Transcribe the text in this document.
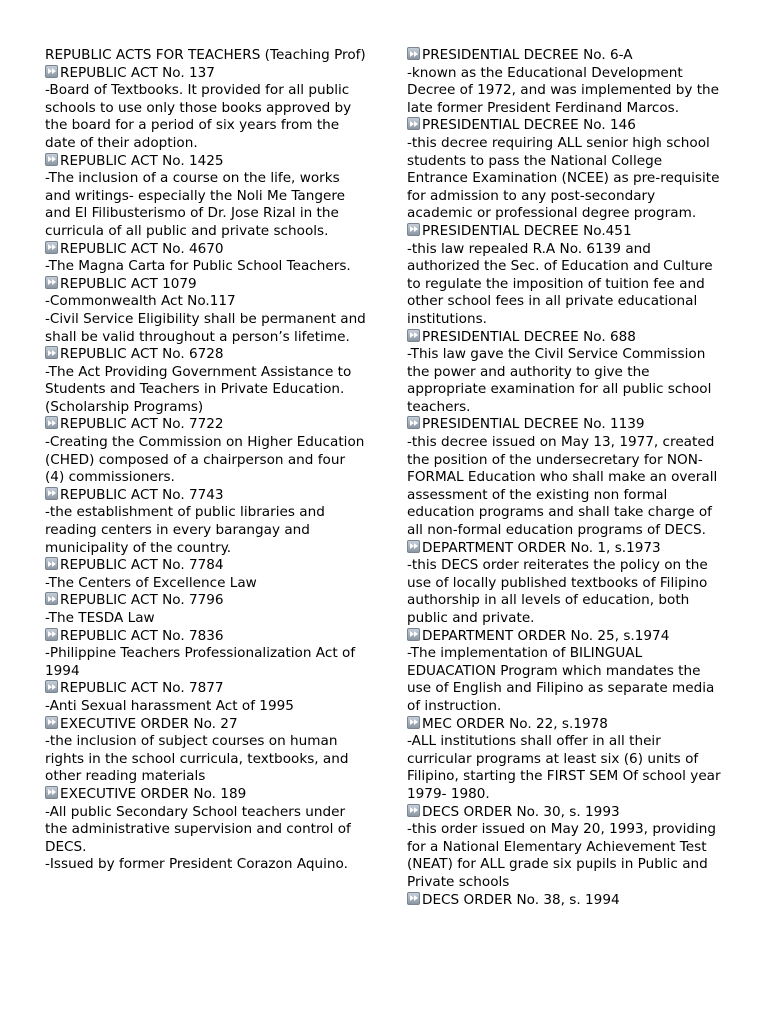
REPUBLIC ACTS FOR TEACHERS (Teaching Prof)
REPUBLIC ACT No. 137
-Board of Textbooks. It provided for all public schools to use only those books approved by the board for a period of six years from the date of their adoption.
REPUBLIC ACT No. 1425
-The inclusion of a course on the life, works and writings- especially the Noli Me Tangere and El Filibusterismo of Dr. Jose Rizal in the curricula of all public and private schools.
REPUBLIC ACT No. 4670
-The Magna Carta for Public School Teachers.
REPUBLIC ACT 1079
-Commonwealth Act No.117
-Civil Service Eligibility shall be permanent and shall be valid throughout a person’s lifetime.
REPUBLIC ACT No. 6728
-The Act Providing Government Assistance to Students and Teachers in Private Education. (Scholarship Programs)
REPUBLIC ACT No. 7722
-Creating the Commission on Higher Education (CHED) composed of a chairperson and four (4) commissioners.
REPUBLIC ACT No. 7743
-the establishment of public libraries and reading centers in every barangay and municipality of the country.
REPUBLIC ACT No. 7784
-The Centers of Excellence Law
REPUBLIC ACT No. 7796
-The TESDA Law
REPUBLIC ACT No. 7836
-Philippine Teachers Professionalization Act of 1994
REPUBLIC ACT No. 7877
-Anti Sexual harassment Act of 1995
EXECUTIVE ORDER No. 27
-the inclusion of subject courses on human rights in the school curricula, textbooks, and other reading materials
EXECUTIVE ORDER No. 189
-All public Secondary School teachers under the administrative supervision and control of DECS.
-Issued by former President Corazon Aquino.
PRESIDENTIAL DECREE No. 6-A
-known as the Educational Development Decree of 1972, and was implemented by the late former President Ferdinand Marcos.
PRESIDENTIAL DECREE No. 146
-this decree requiring ALL senior high school students to pass the National College Entrance Examination (NCEE) as pre-requisite for admission to any post-secondary academic or professional degree program.
PRESIDENTIAL DECREE No.451
-this law repealed R.A No. 6139 and authorized the Sec. of Education and Culture to regulate the imposition of tuition fee and other school fees in all private educational institutions.
PRESIDENTIAL DECREE No. 688
-This law gave the Civil Service Commission the power and authority to give the appropriate examination for all public school teachers.
PRESIDENTIAL DECREE No. 1139
-this decree issued on May 13, 1977, created the position of the undersecretary for NON-FORMAL Education who shall make an overall assessment of the existing non formal education programs and shall take charge of all non-formal education programs of DECS.
DEPARTMENT ORDER No. 1, s.1973
-this DECS order reiterates the policy on the use of locally published textbooks of Filipino authorship in all levels of education, both public and private.
DEPARTMENT ORDER No. 25, s.1974
-The implementation of BILINGUAL EDUACATION Program which mandates the use of English and Filipino as separate media of instruction.
MEC ORDER No. 22, s.1978
-ALL institutions shall offer in all their curricular programs at least six (6) units of Filipino, starting the FIRST SEM Of school year 1979- 1980.
DECS ORDER No. 30, s. 1993
-this order issued on May 20, 1993, providing for a National Elementary Achievement Test (NEAT) for ALL grade six pupils in Public and Private schools
DECS ORDER No. 38, s. 1994
